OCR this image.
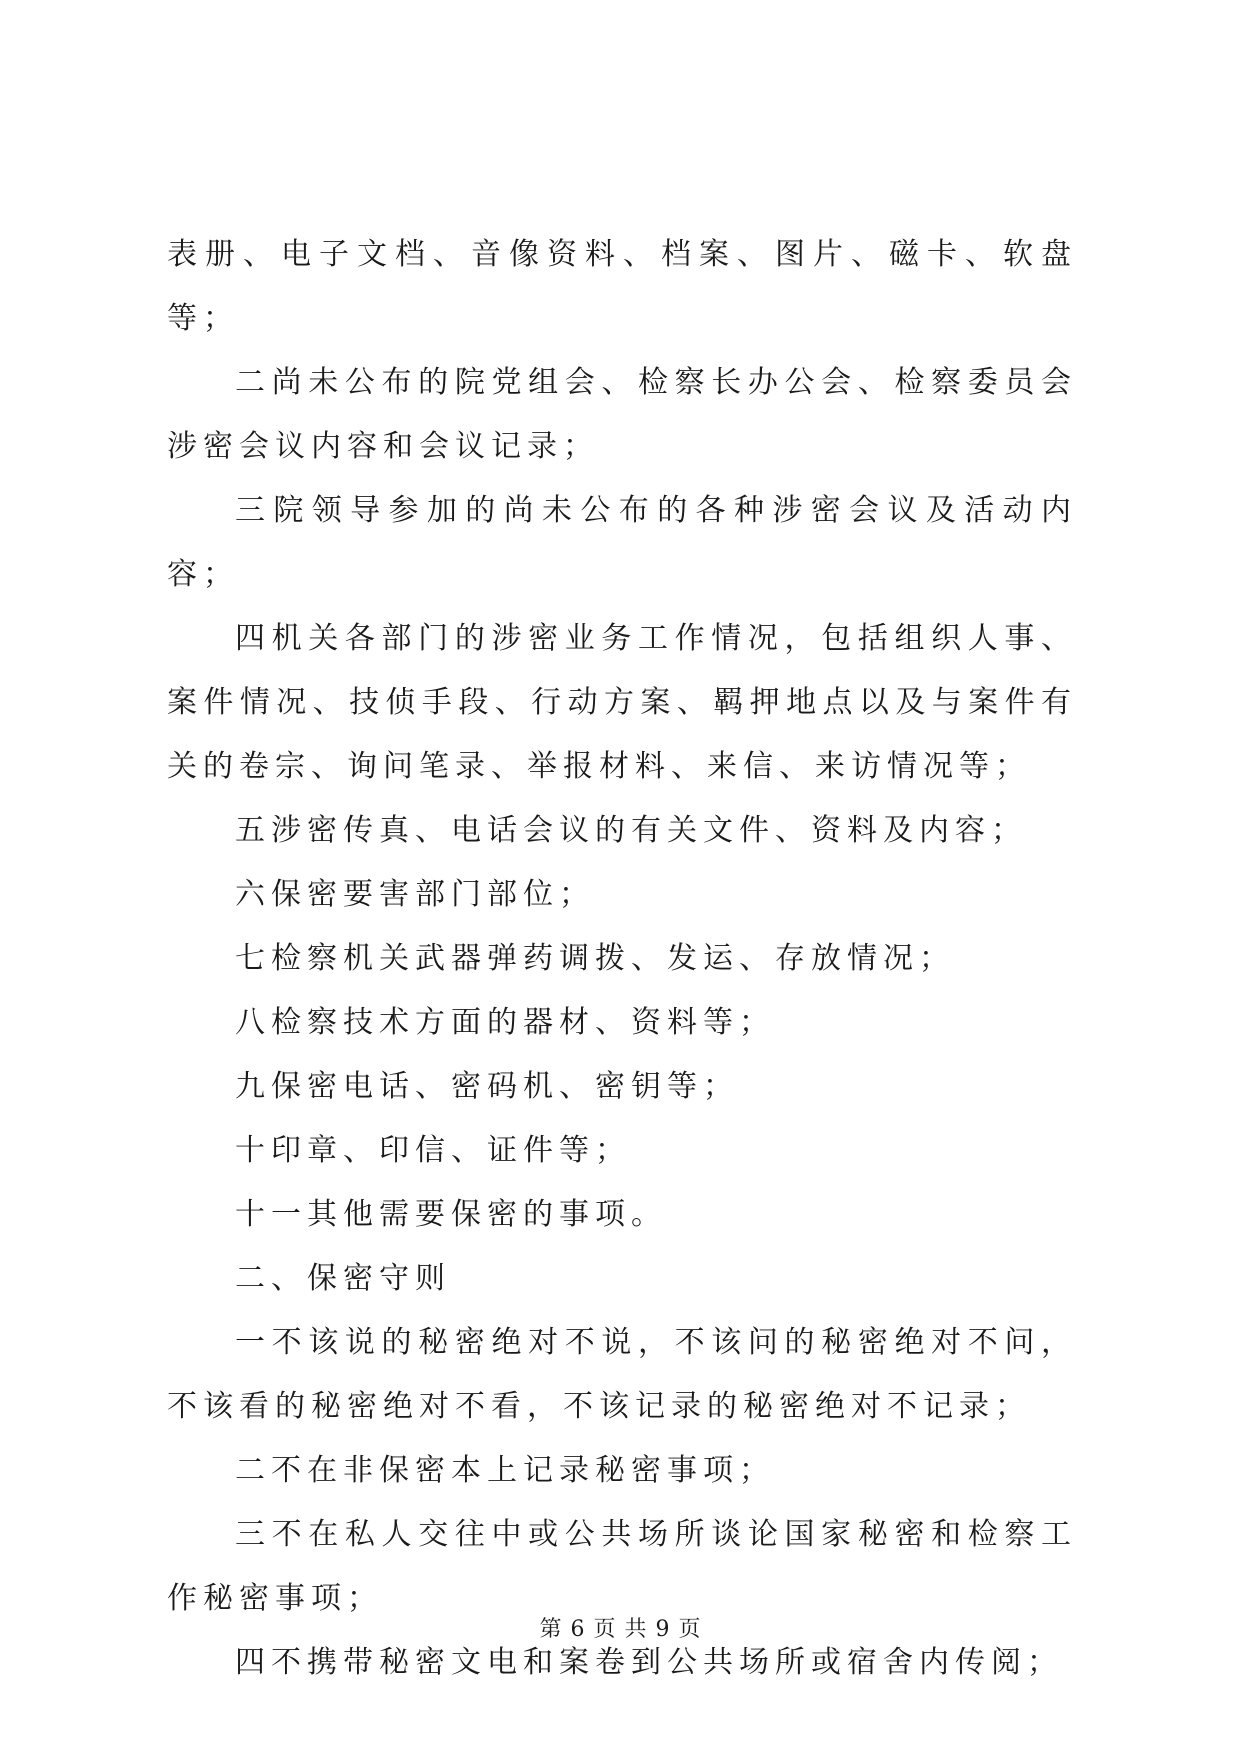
表册、电子文档、音像资料、档案、图片、磁卡、软盘等；

二尚未公布的院党组会、检察长办公会、检察委员会涉密会议内容和会议记录；

三院领导参加的尚未公布的各种涉密会议及活动内容；

四机关各部门的涉密业务工作情况，包括组织人事、案件情况、技侦手段、行动方案、羁押地点以及与案件有关的卷宗、询问笔录、举报材料、来信、来访情况等；

五涉密传真、电话会议的有关文件、资料及内容；

六保密要害部门部位；

七检察机关武器弹药调拨、发运、存放情况；

八检察技术方面的器材、资料等；

九保密电话、密码机、密钥等；

十印章、印信、证件等；

十一其他需要保密的事项。

二、保密守则

一不该说的秘密绝对不说，不该问的秘密绝对不问，不该看的秘密绝对不看，不该记录的秘密绝对不记录；

二不在非保密本上记录秘密事项；

三不在私人交往中或公共场所谈论国家秘密和检察工作秘密事项；

四不携带秘密文电和案卷到公共场所或宿舍内传阅；

第 6 页 共 9 页
